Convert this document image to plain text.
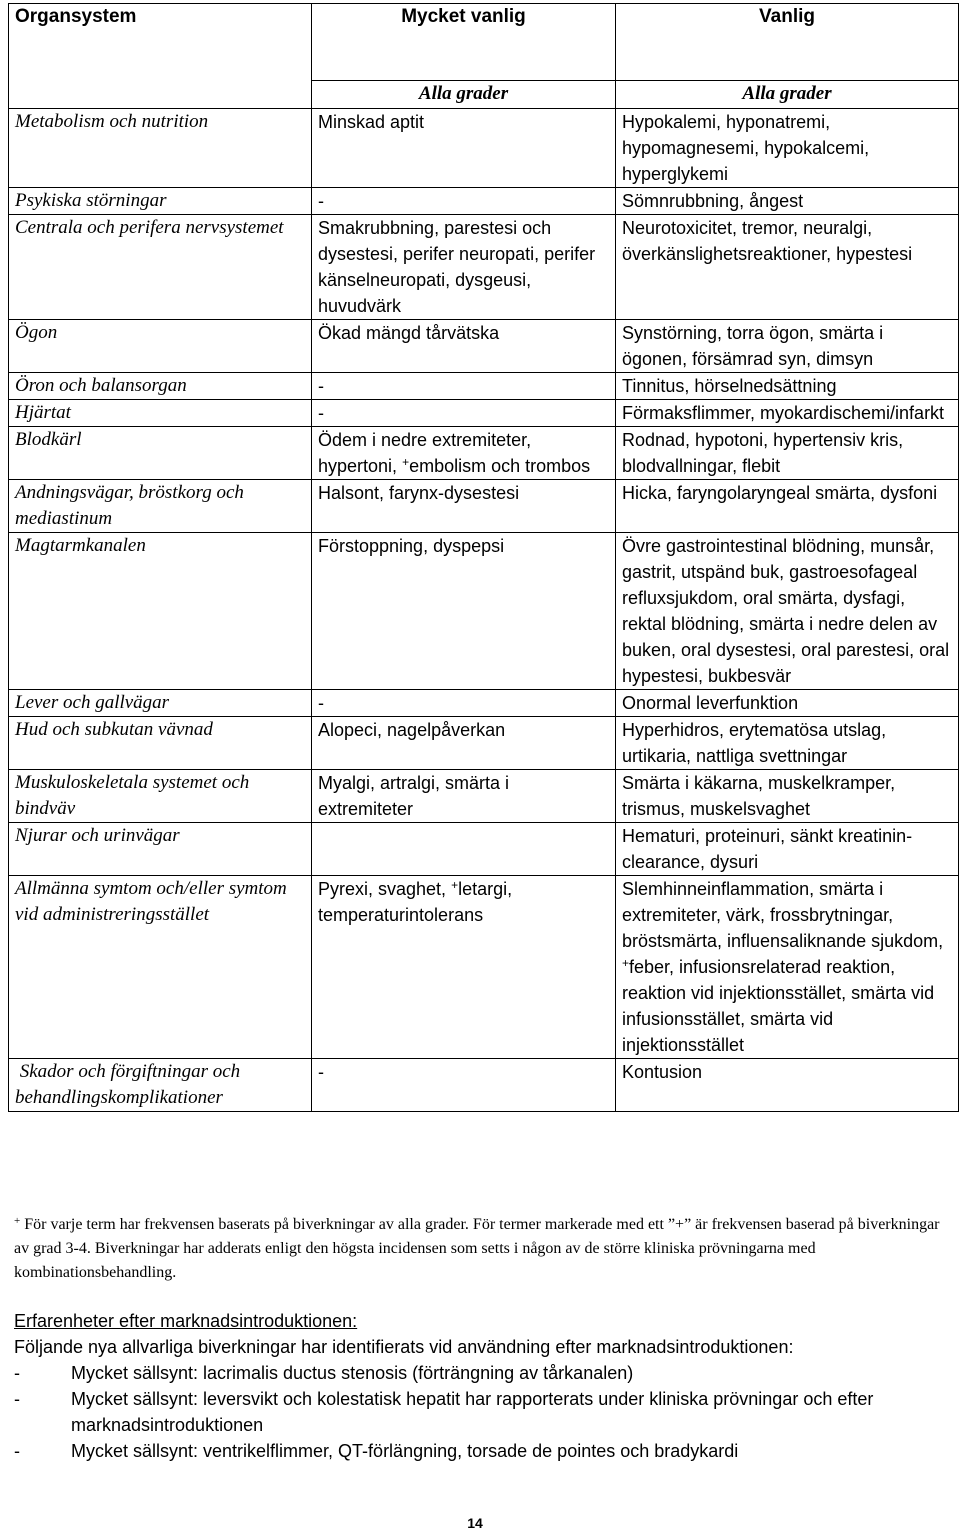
Organsystem	Mycket vanlig	Vanlig
	Alla grader	Alla grader
Metabolism och nutrition	Minskad aptit	Hypokalemi, hyponatremi, hypomagnesemi, hypokalcemi, hyperglykemi
Psykiska störningar	-	Sömnrubbning, ångest
Centrala och perifera nervsystemet	Smakrubbning, parestesi och dysestesi, perifer neuropati, perifer känselneuropati, dysgeusi, huvudvärk	Neurotoxicitet, tremor, neuralgi, överkänslighetsreaktioner, hypestesi
Ögon	Ökad mängd tårvätska	Synstörning, torra ögon, smärta i ögonen, försämrad syn, dimsyn
Öron och balansorgan	-	Tinnitus, hörselnedsättning
Hjärtat	-	Förmaksflimmer, myokardischemi/infarkt
Blodkärl	Ödem i nedre extremiteter, hypertoni, +embolism och trombos	Rodnad, hypotoni, hypertensiv kris, blodvallningar, flebit
Andningsvägar, bröstkorg och mediastinum	Halsont, farynx-dysestesi	Hicka, faryngolaryngeal smärta, dysfoni
Magtarmkanalen	Förstoppning, dyspepsi	Övre gastrointestinal blödning, munsår, gastrit, utspänd buk, gastroesofageal refluxsjukdom, oral smärta, dysfagi, rektal blödning, smärta i nedre delen av buken, oral dysestesi, oral parestesi, oral hypestesi, bukbesvär
Lever och gallvägar	-	Onormal leverfunktion
Hud och subkutan vävnad	Alopeci, nagelpåverkan	Hyperhidros, erytematösa utslag, urtikaria, nattliga svettningar
Muskuloskeletala systemet och bindväv	Myalgi, artralgi, smärta i extremiteter	Smärta i käkarna, muskelkramper, trismus, muskelsvaghet
Njurar och urinvägar		Hematuri, proteinuri, sänkt kreatinin-clearance, dysuri
Allmänna symtom och/eller symtom vid administreringsstället	Pyrexi, svaghet, +letargi, temperaturintolerans	Slemhinneinflammation, smärta i extremiteter, värk, frossbrytningar, bröstsmärta, influensaliknande sjukdom, +feber, infusionsrelaterad reaktion, reaktion vid injektionsstället, smärta vid infusionsstället, smärta vid injektionsstället
Skador och förgiftningar och behandlingskomplikationer	-	Kontusion
+ För varje term har frekvensen baserats på biverkningar av alla grader. För termer markerade med ett ”+” är frekvensen baserad på biverkningar av grad 3-4. Biverkningar har adderats enligt den högsta incidensen som setts i någon av de större kliniska prövningarna med kombinationsbehandling.
Erfarenheter efter marknadsintroduktionen:
Följande nya allvarliga biverkningar har identifierats vid användning efter marknadsintroduktionen:
-	Mycket sällsynt: lacrimalis ductus stenosis (förträngning av tårkanalen)
-	Mycket sällsynt: leversvikt och kolestatisk hepatit har rapporterats under kliniska prövningar och efter marknadsintroduktionen
-	Mycket sällsynt: ventrikelflimmer, QT-förlängning, torsade de pointes och bradykardi
14
